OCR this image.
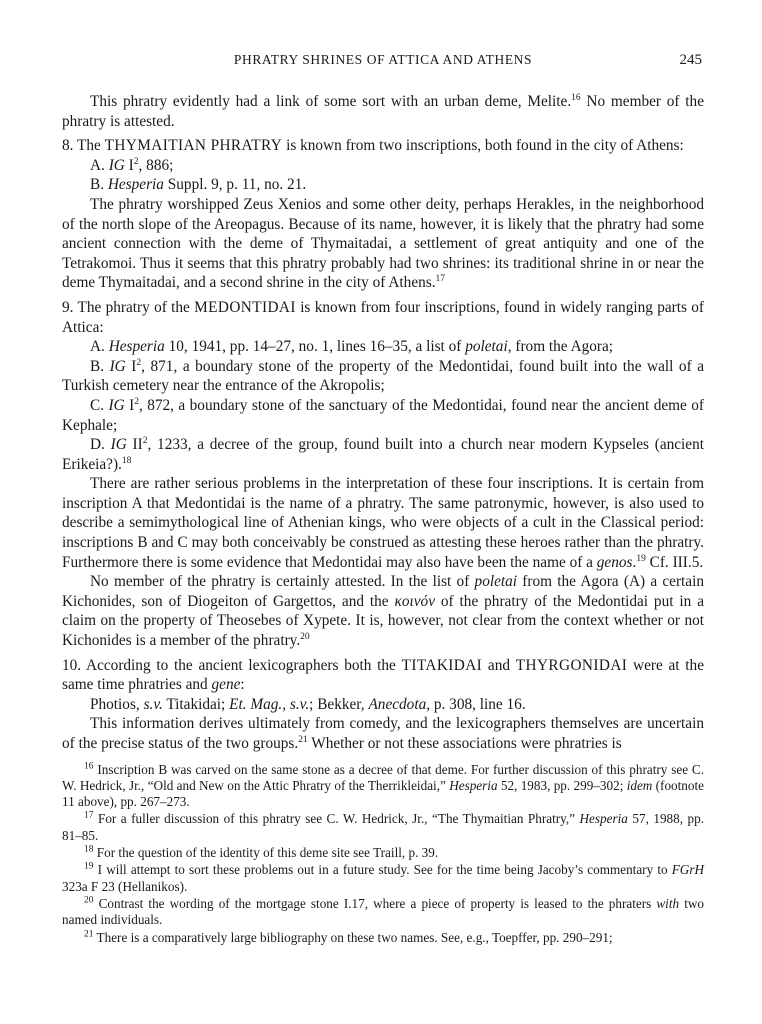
PHRATRY SHRINES OF ATTICA AND ATHENS	245

This phratry evidently had a link of some sort with an urban deme, Melite.$^{16}$ No member of the phratry is attested.

8. The THYMAITIAN PHRATRY is known from two inscriptions, both found in the city of Athens:

A. IG $I^2$, 886;

B. Hesperia Suppl. 9, p. 11, no. 21.

The phratry worshipped Zeus Xenios and some other deity, perhaps Herakles, in the neighborhood of the north slope of the Areopagus. Because of its name, however, it is likely that the phratry had some ancient connection with the deme of Thymaitadai, a settlement of great antiquity and one of the Tetrakomoi. Thus it seems that this phratry probably had two shrines: its traditional shrine in or near the deme Thymaitadai, and a second shrine in the city of Athens.$^{17}$

9. The phratry of the MEDONTIDAI is known from four inscriptions, found in widely ranging parts of Attica:

A. Hesperia 10, 1941, pp. 14–27, no. 1, lines 16–35, a list of poletai, from the Agora;

B. IG $I^2$, 871, a boundary stone of the property of the Medontidai, found built into the wall of a Turkish cemetery near the entrance of the Akropolis;

C. IG $I^2$, 872, a boundary stone of the sanctuary of the Medontidai, found near the ancient deme of Kephale;

D. IG $II^2$, 1233, a decree of the group, found built into a church near modern Kypseles (ancient Erikeia?).$^{18}$

There are rather serious problems in the interpretation of these four inscriptions. It is certain from inscription A that Medontidai is the name of a phratry. The same patronymic, however, is also used to describe a semimythological line of Athenian kings, who were objects of a cult in the Classical period: inscriptions B and C may both conceivably be construed as attesting these heroes rather than the phratry. Furthermore there is some evidence that Medontidai may also have been the name of a genos.$^{19}$ Cf. III.5.

No member of the phratry is certainly attested. In the list of poletai from the Agora (A) a certain Kichonides, son of Diogeiton of Gargettos, and the κοινόν of the phratry of the Medontidai put in a claim on the property of Theosebes of Xypete. It is, however, not clear from the context whether or not Kichonides is a member of the phratry.$^{20}$

10. According to the ancient lexicographers both the TITAKIDAI and THYRGONIDAI were at the same time phratries and gene:

Photios, s.v. Titakidai; Et. Mag., s.v.; Bekker, Anecdota, p. 308, line 16.

This information derives ultimately from comedy, and the lexicographers themselves are uncertain of the precise status of the two groups.$^{21}$ Whether or not these associations were phratries is

$^{16}$ Inscription B was carved on the same stone as a decree of that deme. For further discussion of this phratry see C. W. Hedrick, Jr., “Old and New on the Attic Phratry of the Therrikleidai,” Hesperia 52, 1983, pp. 299–302; idem (footnote 11 above), pp. 267–273.

$^{17}$ For a fuller discussion of this phratry see C. W. Hedrick, Jr., “The Thymaitian Phratry,” Hesperia 57, 1988, pp. 81–85.

$^{18}$ For the question of the identity of this deme site see Traill, p. 39.

$^{19}$ I will attempt to sort these problems out in a future study. See for the time being Jacoby’s commentary to FGrH 323a F 23 (Hellanikos).

$^{20}$ Contrast the wording of the mortgage stone I.17, where a piece of property is leased to the phraters with two named individuals.

$^{21}$ There is a comparatively large bibliography on these two names. See, e.g., Toepffer, pp. 290–291;
